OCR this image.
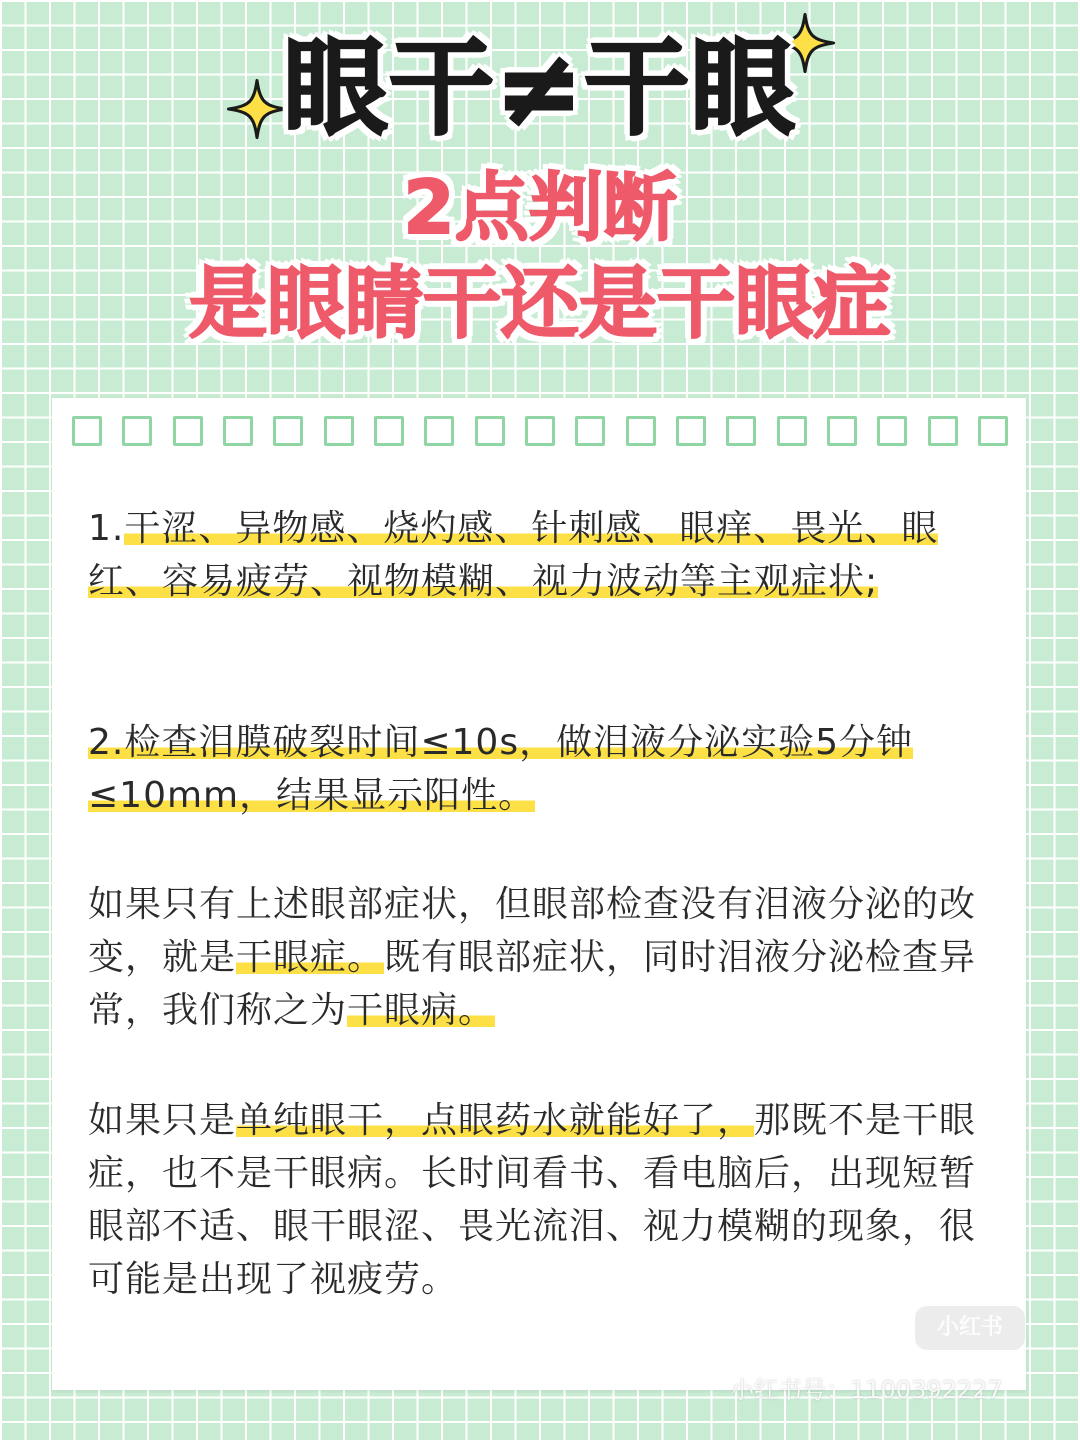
眼干≠干眼
2点判断
是眼睛干还是干眼症

1.干涩、异物感、烧灼感、针刺感、眼痒、畏光、眼红、容易疲劳、视物模糊、视力波动等主观症状;

2.检查泪膜破裂时间≤10s，做泪液分泌实验5分钟≤10mm，结果显示阳性。

如果只有上述眼部症状，但眼部检查没有泪液分泌的改变，就是干眼症。既有眼部症状，同时泪液分泌检查异常，我们称之为干眼病。

如果只是单纯眼干，点眼药水就能好了，那既不是干眼症，也不是干眼病。长时间看书、看电脑后，出现短暂眼部不适、眼干眼涩、畏光流泪、视力模糊的现象，很可能是出现了视疲劳。

小红书
小红书号：1100392227
